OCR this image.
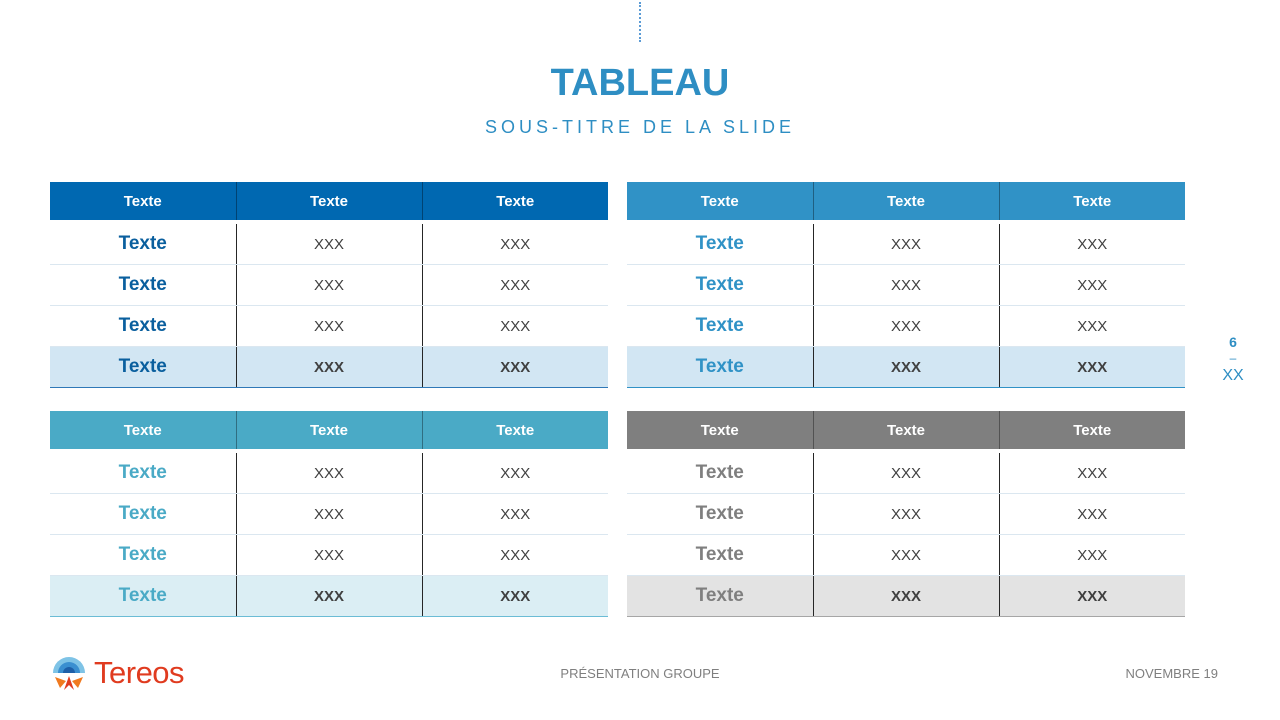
TABLEAU
SOUS-TITRE DE LA SLIDE
Texte	Texte	Texte
Texte	XXX	XXX
Texte	XXX	XXX
Texte	XXX	XXX
Texte	XXX	XXX
Texte	Texte	Texte
Texte	XXX	XXX
Texte	XXX	XXX
Texte	XXX	XXX
Texte	XXX	XXX
Texte	Texte	Texte
Texte	XXX	XXX
Texte	XXX	XXX
Texte	XXX	XXX
Texte	XXX	XXX
Texte	Texte	Texte
Texte	XXX	XXX
Texte	XXX	XXX
Texte	XXX	XXX
Texte	XXX	XXX
6
–
XX
Tereos	PRÉSENTATION GROUPE	NOVEMBRE 19
